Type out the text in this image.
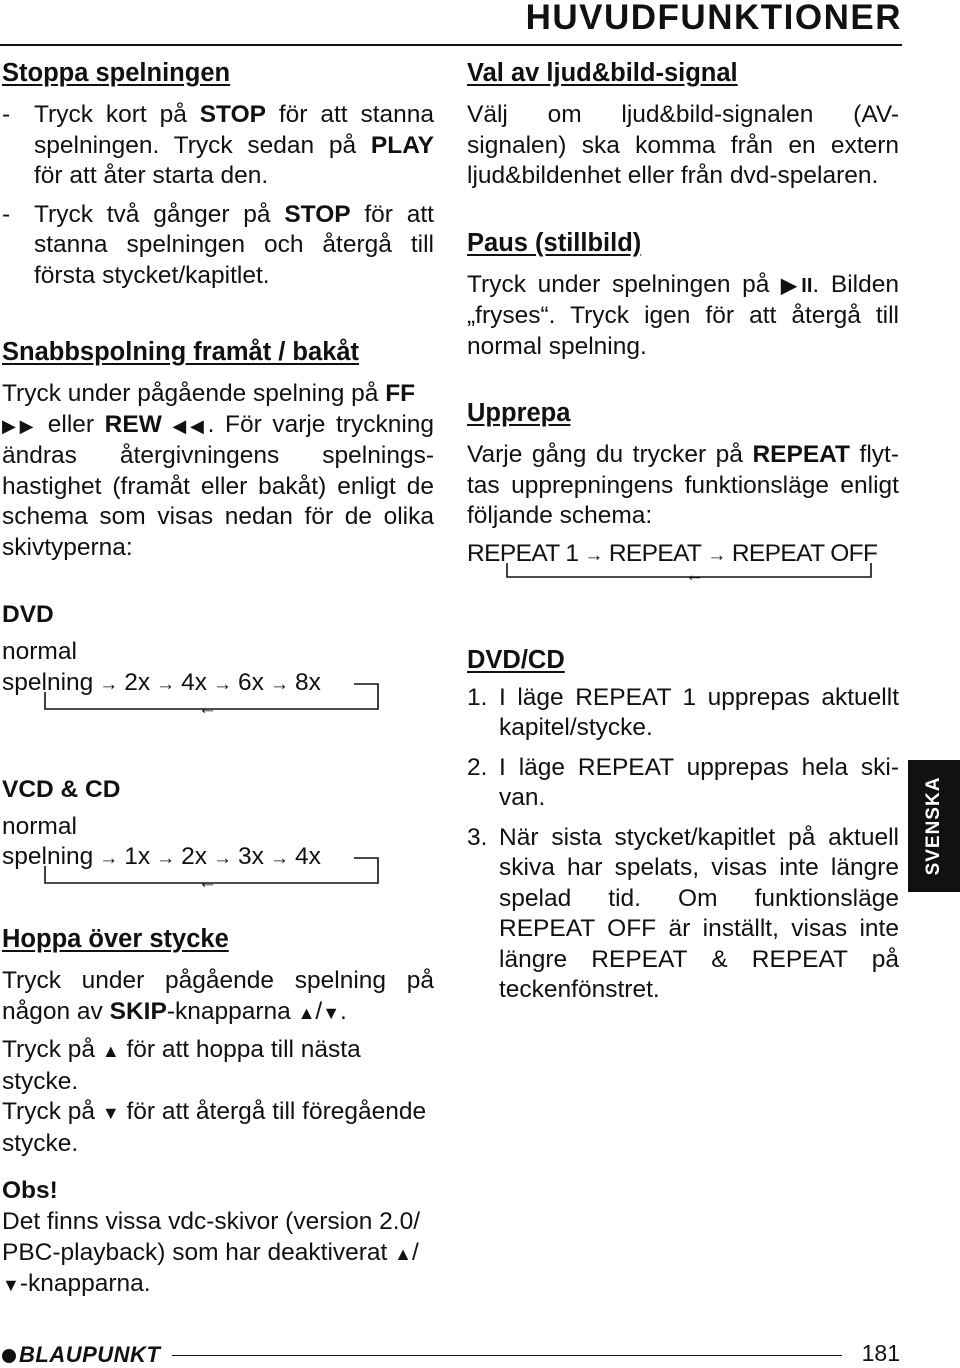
HUVUDFUNKTIONER
Stoppa spelningen
- Tryck kort på STOP för att stanna spelningen. Tryck sedan på PLAY för att åter starta den.
- Tryck två gånger på STOP för att stanna spelningen och återgå till första stycket/kapitlet.
Snabbspolning framåt / bakåt

Tryck under pågående spelning på FF
▶▶ eller REW ◀◀. För varje tryckning ändras återgivningens spelningshastighet (framåt eller bakåt) enligt de schema som visas nedan för de olika skivtyperna:

DVD

normal

spelning → 2x → 4x → 6x → 8x
←
VCD & CD

normal

spelning → 1x → 2x → 3x → 4x
←
Hoppa över stycke

Tryck under pågående spelning på någon av SKIP-knapparna ▲/▼.

Tryck på ▲ för att hoppa till nästa stycke.

Tryck på ▼ för att återgå till föregående stycke.

Obs!

Det finns vissa vdc-skivor (version 2.0/ PBC-playback) som har deaktiverat ▲/
▼-knapparna.

Val av ljud&bild-signal

Välj om ljud&bild-signalen (AV-signalen) ska komma från en extern ljud&bildenhet eller från dvd-spelaren.

Paus (stillbild)

Tryck under spelningen på ▶II. Bilden „fryses“. Tryck igen för att återgå till normal spelning.

Upprepa

Varje gång du trycker på REPEAT flyttas upprepningens funktionsläge enligt följande schema:

REPEAT 1 → REPEAT → REPEAT OFF
←
DVD/CD
1. I läge REPEAT 1 upprepas aktuellt kapitel/stycke.
2. I läge REPEAT upprepas hela skivan.
3. När sista stycket/kapitlet på aktuell skiva har spelats, visas inte längre spelad tid. Om funktionsläge REPEAT OFF är inställt, visas inte längre REPEAT & REPEAT på teckenfönstret.
SVENSKA
BLAUPUNKT	181
